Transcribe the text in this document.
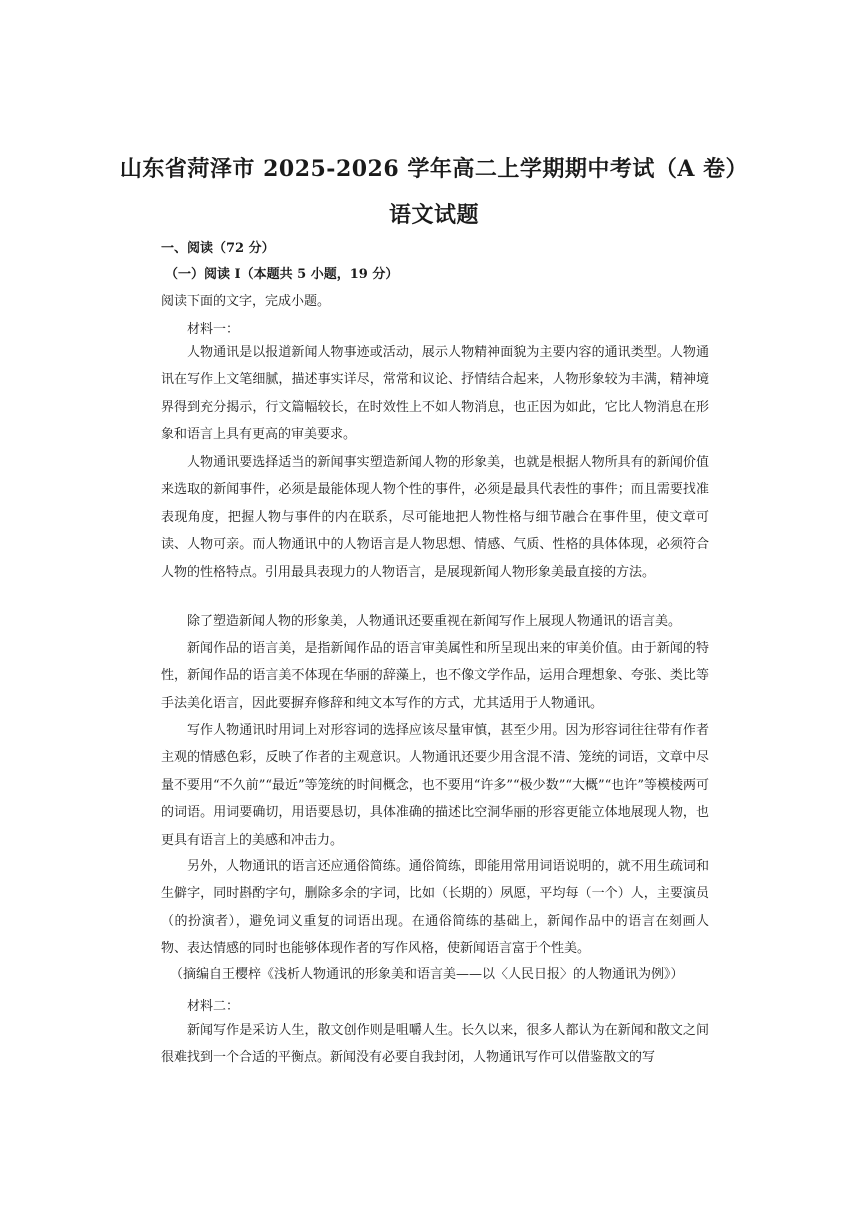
山东省菏泽市 2025-2026 学年高二上学期期中考试（A 卷）
语文试题
一、阅读（72 分）
（一）阅读 I（本题共 5 小题，19 分）
阅读下面的文字，完成小题。
材料一：

人物通讯是以报道新闻人物事迹或活动，展示人物精神面貌为主要内容的通讯类型。人物通讯在写作上文笔细腻，描述事实详尽，常常和议论、抒情结合起来，人物形象较为丰满，精神境界得到充分揭示，行文篇幅较长，在时效性上不如人物消息，也正因为如此，它比人物消息在形象和语言上具有更高的审美要求。

人物通讯要选择适当的新闻事实塑造新闻人物的形象美，也就是根据人物所具有的新闻价值来选取的新闻事件，必须是最能体现人物个性的事件，必须是最具代表性的事件；而且需要找准表现角度，把握人物与事件的内在联系，尽可能地把人物性格与细节融合在事件里，使文章可读、人物可亲。而人物通讯中的人物语言是人物思想、情感、气质、性格的具体体现，必须符合人物的性格特点。引用最具表现力的人物语言，是展现新闻人物形象美最直接的方法。

除了塑造新闻人物的形象美，人物通讯还要重视在新闻写作上展现人物通讯的语言美。

新闻作品的语言美，是指新闻作品的语言审美属性和所呈现出来的审美价值。由于新闻的特性，新闻作品的语言美不体现在华丽的辞藻上，也不像文学作品，运用合理想象、夸张、类比等手法美化语言，因此要摒弃修辞和纯文本写作的方式，尤其适用于人物通讯。

写作人物通讯时用词上对形容词的选择应该尽量审慎，甚至少用。因为形容词往往带有作者主观的情感色彩，反映了作者的主观意识。人物通讯还要少用含混不清、笼统的词语，文章中尽量不要用“不久前”“最近”等笼统的时间概念，也不要用“许多”“极少数”“大概”“也许”等模棱两可的词语。用词要确切，用语要恳切，具体准确的描述比空洞华丽的形容更能立体地展现人物，也更具有语言上的美感和冲击力。

另外，人物通讯的语言还应通俗简练。通俗简练，即能用常用词语说明的，就不用生疏词和生僻字，同时斟酌字句，删除多余的字词，比如（长期的）夙愿，平均每（一个）人，主要演员（的扮演者），避免词义重复的词语出现。在通俗简练的基础上，新闻作品中的语言在刻画人物、表达情感的同时也能够体现作者的写作风格，使新闻语言富于个性美。

（摘编自王樱梓《浅析人物通讯的形象美和语言美——以〈人民日报〉的人物通讯为例》）
材料二：

新闻写作是采访人生，散文创作则是咀嚼人生。长久以来，很多人都认为在新闻和散文之间很难找到一个合适的平衡点。新闻没有必要自我封闭，人物通讯写作可以借鉴散文的写
